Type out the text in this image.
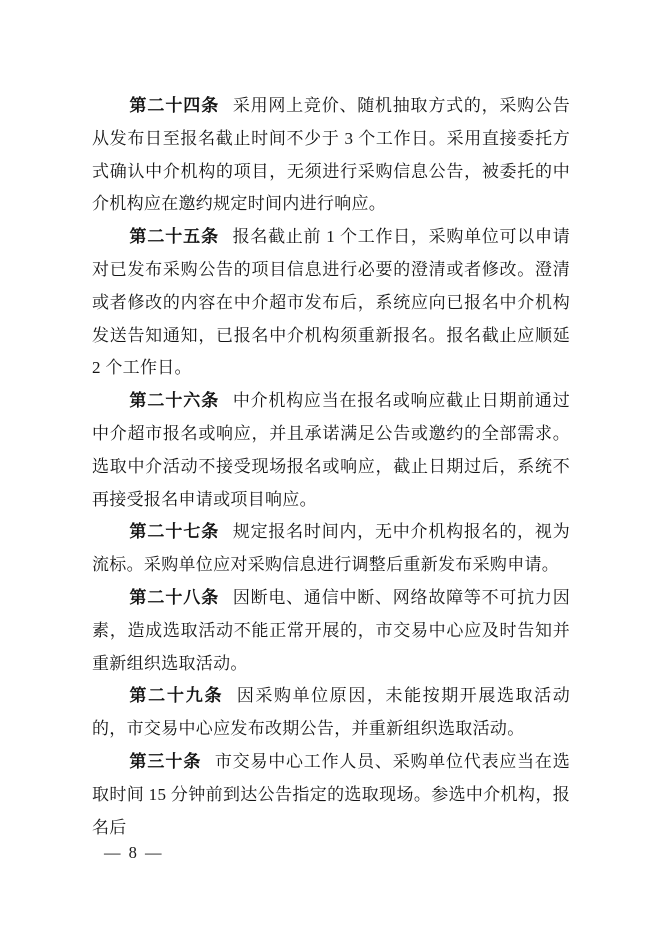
第二十四条 采用网上竞价、随机抽取方式的，采购公告从发布日至报名截止时间不少于 3 个工作日。采用直接委托方式确认中介机构的项目，无须进行采购信息公告，被委托的中介机构应在邀约规定时间内进行响应。

第二十五条 报名截止前 1 个工作日，采购单位可以申请对已发布采购公告的项目信息进行必要的澄清或者修改。澄清或者修改的内容在中介超市发布后，系统应向已报名中介机构发送告知通知，已报名中介机构须重新报名。报名截止应顺延 2 个工作日。

第二十六条 中介机构应当在报名或响应截止日期前通过中介超市报名或响应，并且承诺满足公告或邀约的全部需求。选取中介活动不接受现场报名或响应，截止日期过后，系统不再接受报名申请或项目响应。

第二十七条 规定报名时间内，无中介机构报名的，视为流标。采购单位应对采购信息进行调整后重新发布采购申请。

第二十八条 因断电、通信中断、网络故障等不可抗力因素，造成选取活动不能正常开展的，市交易中心应及时告知并重新组织选取活动。

第二十九条 因采购单位原因，未能按期开展选取活动的，市交易中心应发布改期公告，并重新组织选取活动。

第三十条 市交易中心工作人员、采购单位代表应当在选取时间 15 分钟前到达公告指定的选取现场。参选中介机构，报名后

— 8 —
